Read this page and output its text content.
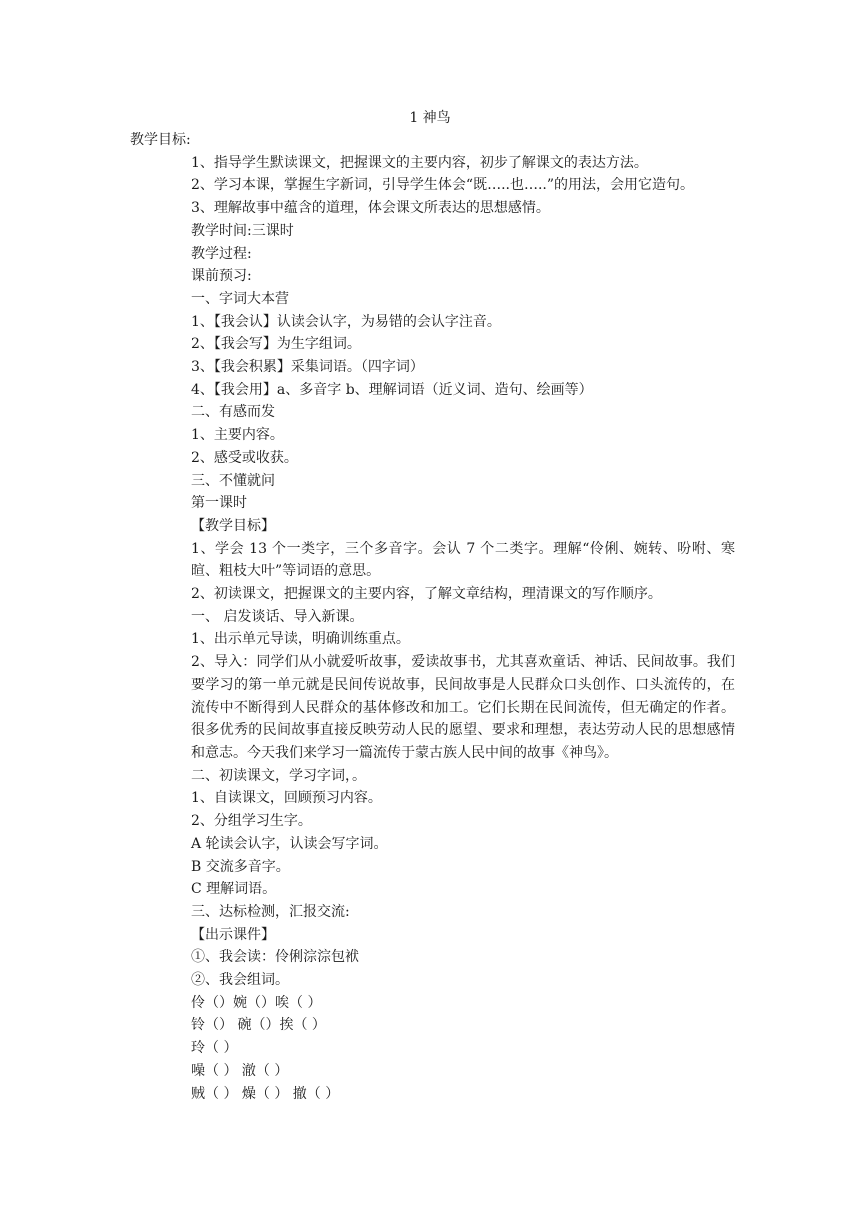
1 神鸟

教学目标:

1、指导学生默读课文，把握课文的主要内容，初步了解课文的表达方法。

2、学习本课，掌握生字新词，引导学生体会“既…..也…..”的用法，会用它造句。

3、理解故事中蕴含的道理，体会课文所表达的思想感情。

教学时间:三课时

教学过程:

课前预习:

一、字词大本营

1、【我会认】认读会认字，为易错的会认字注音。

2、【我会写】为生字组词。

3、【我会积累】采集词语。（四字词）

4、【我会用】a、多音字 b、理解词语（近义词、造句、绘画等）

二、有感而发

1、主要内容。

2、感受或收获。

三、不懂就问

第一课时

【教学目标】

1、学会 13 个一类字，三个多音字。会认 7 个二类字。理解“伶俐、婉转、吩咐、寒暄、粗枝大叶”等词语的意思。

2、初读课文，把握课文的主要内容，了解文章结构，理清课文的写作顺序。

一、 启发谈话、导入新课。

1、出示单元导读，明确训练重点。

2、导入：同学们从小就爱听故事，爱读故事书，尤其喜欢童话、神话、民间故事。我们要学习的第一单元就是民间传说故事，民间故事是人民群众口头创作、口头流传的，在流传中不断得到人民群众的基体修改和加工。它们长期在民间流传，但无确定的作者。很多优秀的民间故事直接反映劳动人民的愿望、要求和理想，表达劳动人民的思想感情和意志。今天我们来学习一篇流传于蒙古族人民中间的故事《神鸟》。

二、初读课文，学习字词，。

1、自读课文，回顾预习内容。

2、分组学习生字。

A 轮读会认字，认读会写字词。

B 交流多音字。

C 理解词语。

三、达标检测，汇报交流:

【出示课件】

①、我会读：伶俐淙淙包袱

②、我会组词。

伶（）婉（）唉（ ）

铃（） 碗（）挨（ ）

玲（ ）

噪（ ） 澈（ ）

贼（ ） 燥（ ） 撤（ ）
